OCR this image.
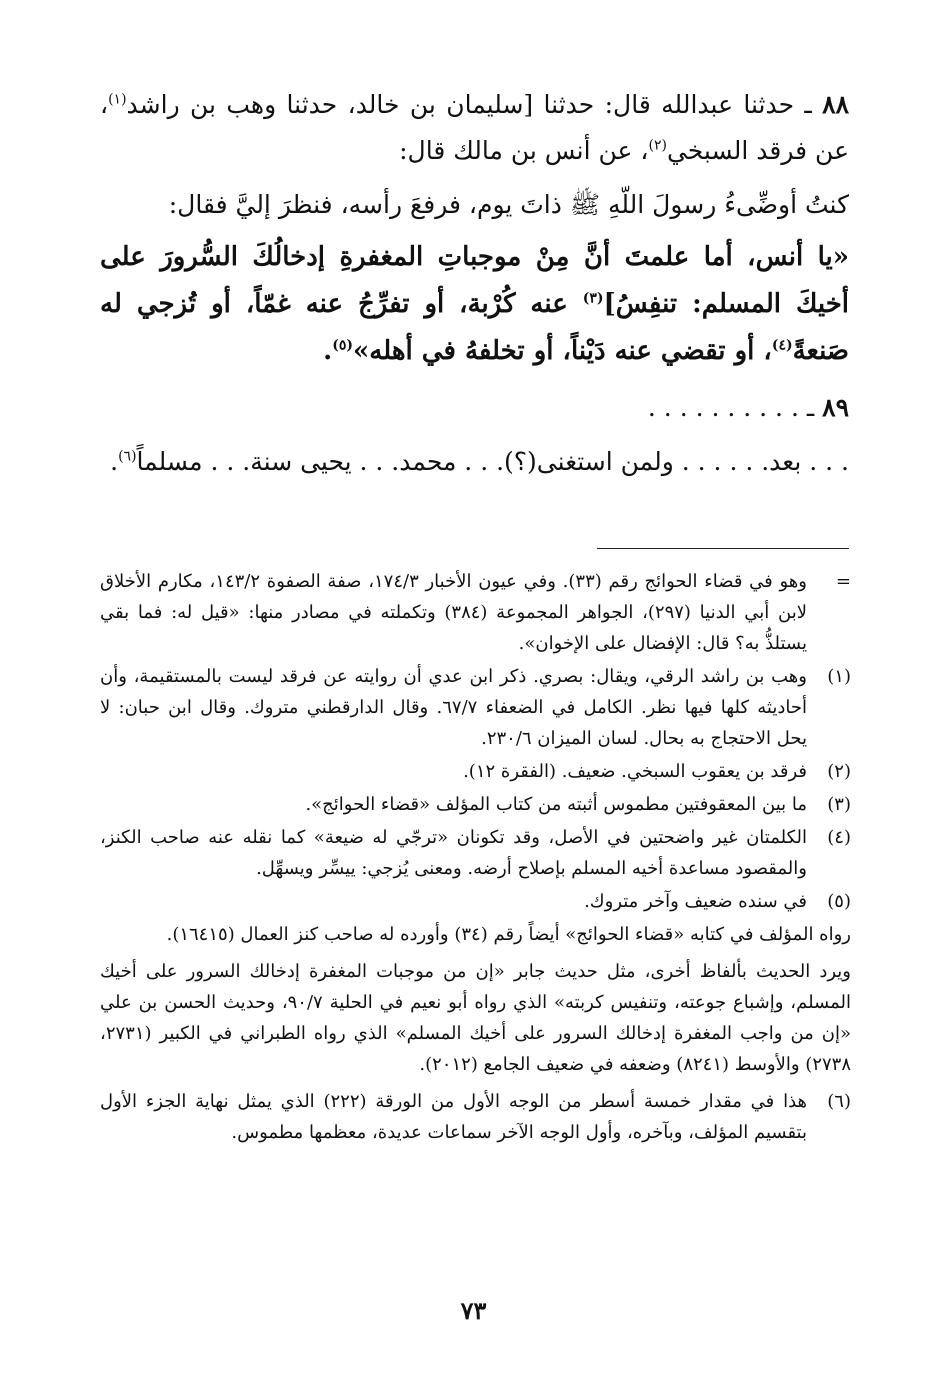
٨٨ ـ حدثنا عبدالله قال: حدثنا [سليمان بن خالد، حدثنا وهب بن راشد$^{(١)}$، عن فرقد السبخي$^{(٢)}$، عن أنس بن مالك قال:

كنتُ أوضِّىءُ رسولَ اللّهِ ﷺ ذاتَ يوم، فرفعَ رأسه، فنظرَ إليَّ فقال:

«يا أنس، أما علمتَ أنَّ مِنْ موجباتِ المغفرةِ إدخالُكَ السُّرورَ على أخيكَ المسلم: تنفِسُ]$^{(٣)}$ عنه كُرْبة، أو تفرِّجُ عنه غمّاً، أو تُزجي له صَنعةً$^{(٤)}$، أو تقضي عنه دَيْناً، أو تخلفهُ في أهله»$^{(٥)}$.

٨٩ ـ . . . . . . . . . .

. . . بعد. . . . . . ولمن استغنى(؟). . . محمد. . . يحيى سنة. . . مسلماً$^{(٦)}$.

=
وهو في قضاء الحوائج رقم (٣٣). وفي عيون الأخبار ١٧٤/٣، صفة الصفوة ١٤٣/٢، مكارم الأخلاق لابن أبي الدنيا (٢٩٧)، الجواهر المجموعة (٣٨٤) وتكملته في مصادر منها: «قيل له: فما بقي يستلذُّ به؟ قال: الإفضال على الإخوان».
(١)
وهب بن راشد الرقي، ويقال: بصري. ذكر ابن عدي أن روايته عن فرقد ليست بالمستقيمة، وأن أحاديثه كلها فيها نظر. الكامل في الضعفاء ٦٧/٧. وقال الدارقطني متروك. وقال ابن حبان: لا يحل الاحتجاج به بحال. لسان الميزان ٢٣٠/٦.
(٢)
فرقد بن يعقوب السبخي. ضعيف. (الفقرة ١٢).
(٣)
ما بين المعقوفتين مطموس أثبته من كتاب المؤلف «قضاء الحوائج».
(٤)
الكلمتان غير واضحتين في الأصل، وقد تكونان «ترجّي له ضيعة» كما نقله عنه صاحب الكنز، والمقصود مساعدة أخيه المسلم بإصلاح أرضه. ومعنى يُزجي: ييسِّر ويسهِّل.
(٥)
في سنده ضعيف وآخر متروك.

رواه المؤلف في كتابه «قضاء الحوائج» أيضاً رقم (٣٤) وأورده له صاحب كنز العمال (١٦٤١٥).

ويرد الحديث بألفاظ أخرى، مثل حديث جابر «إن من موجبات المغفرة إدخالك السرور على أخيك المسلم، وإشباع جوعته، وتنفيس كربته» الذي رواه أبو نعيم في الحلية ٩٠/٧، وحديث الحسن بن علي «إن من واجب المغفرة إدخالك السرور على أخيك المسلم» الذي رواه الطبراني في الكبير (٢٧٣١، ٢٧٣٨) والأوسط (٨٢٤١) وضعفه في ضعيف الجامع (٢٠١٢).

(٦)
هذا في مقدار خمسة أسطر من الوجه الأول من الورقة (٢٢٢) الذي يمثل نهاية الجزء الأول بتقسيم المؤلف، وبآخره، وأول الوجه الآخر سماعات عديدة، معظمها مطموس.
٧٣
